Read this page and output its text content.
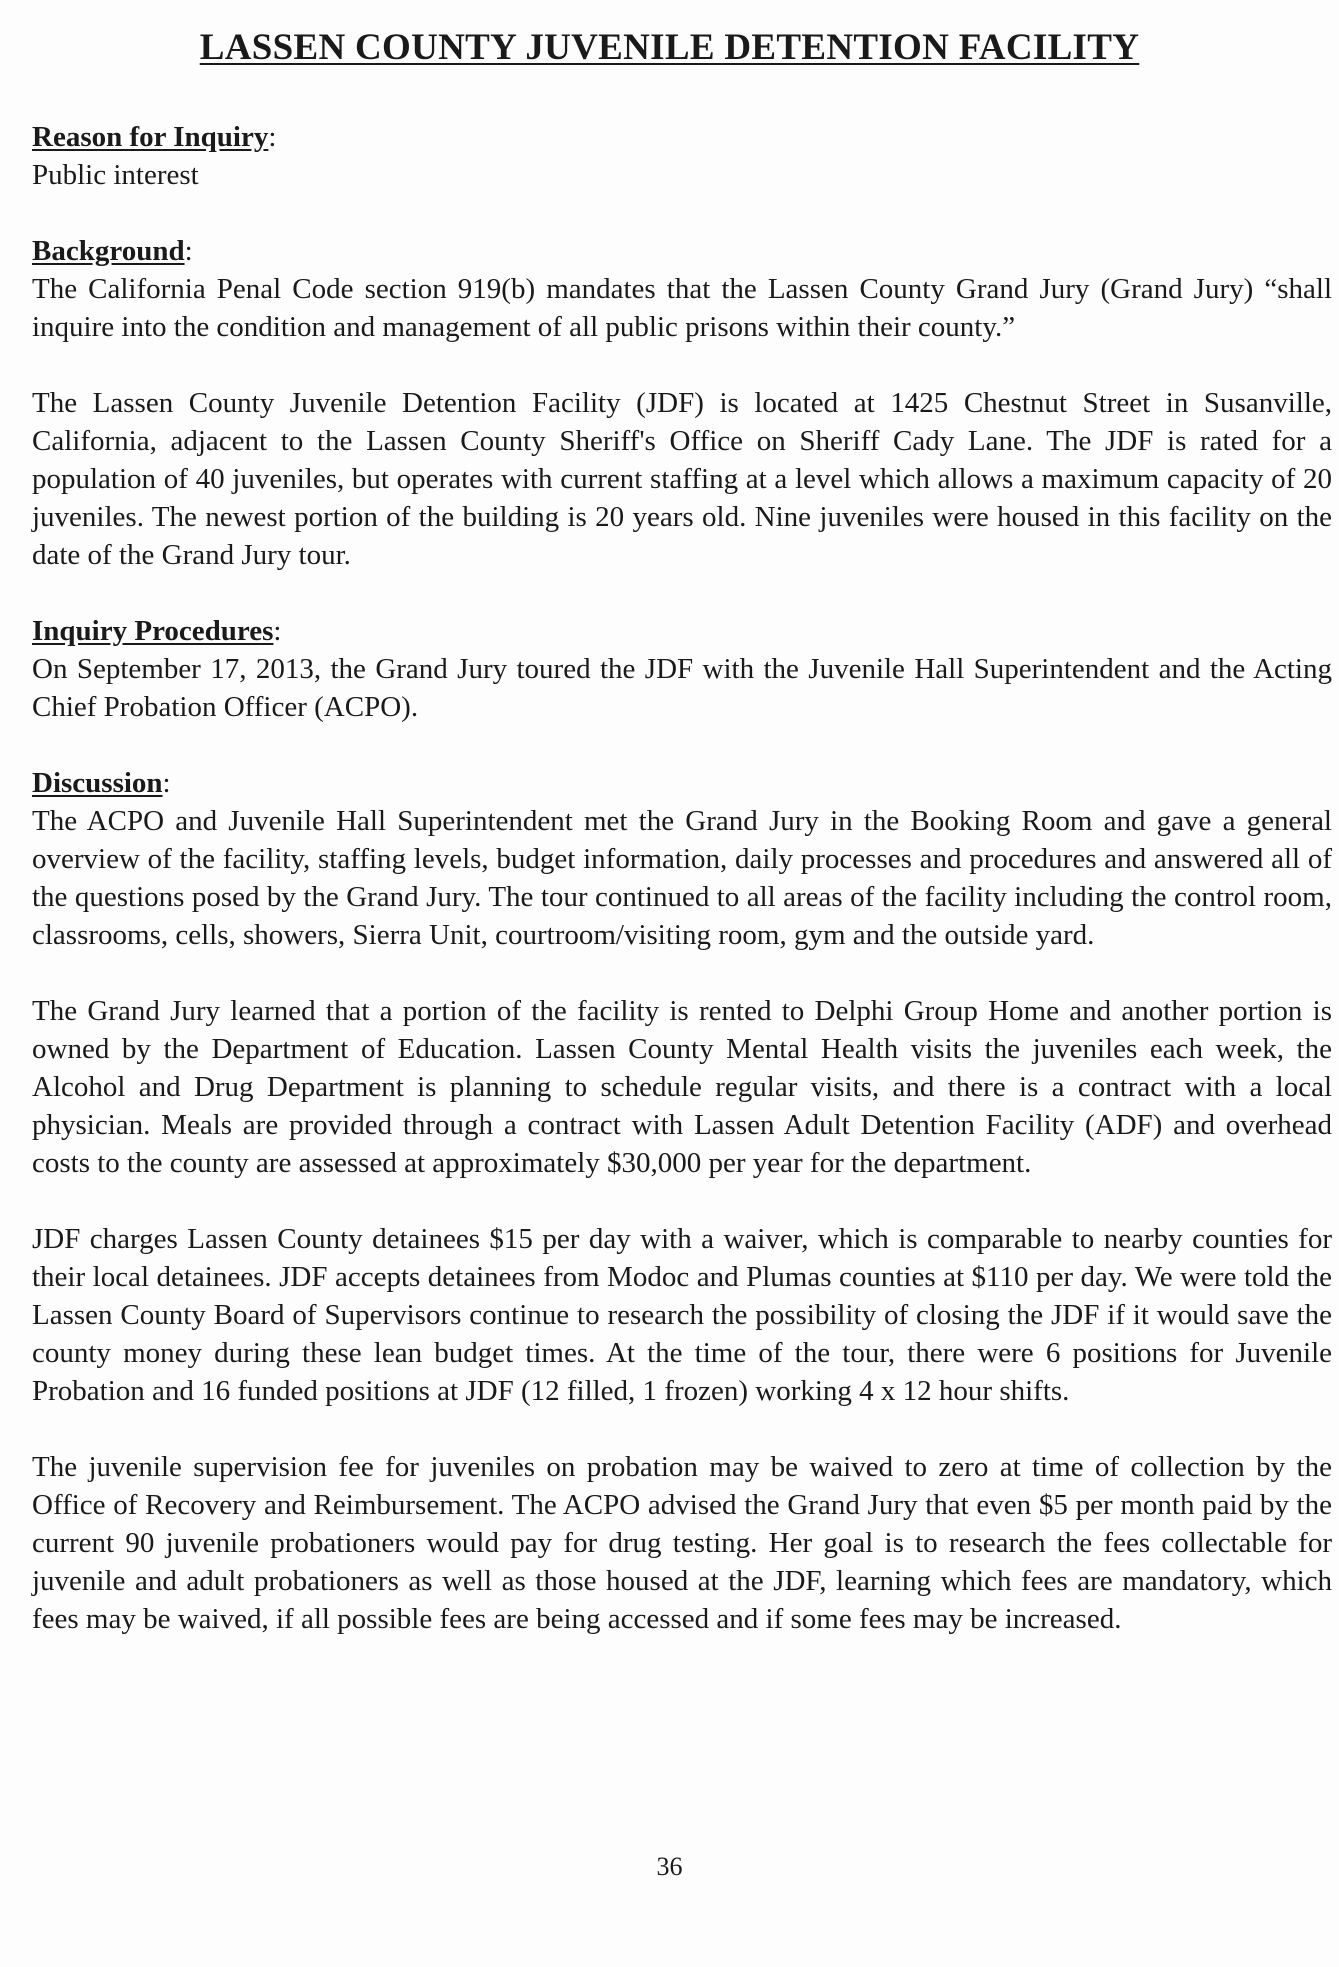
LASSEN COUNTY JUVENILE DETENTION FACILITY
Reason for Inquiry:

Public interest

Background:

The California Penal Code section 919(b) mandates that the Lassen County Grand Jury (Grand Jury) “shall inquire into the condition and management of all public prisons within their county.”

The Lassen County Juvenile Detention Facility (JDF) is located at 1425 Chestnut Street in Susanville, California, adjacent to the Lassen County Sheriff's Office on Sheriff Cady Lane. The JDF is rated for a population of 40 juveniles, but operates with current staffing at a level which allows a maximum capacity of 20 juveniles. The newest portion of the building is 20 years old. Nine juveniles were housed in this facility on the date of the Grand Jury tour.

Inquiry Procedures:

On September 17, 2013, the Grand Jury toured the JDF with the Juvenile Hall Superintendent and the Acting Chief Probation Officer (ACPO).

Discussion:

The ACPO and Juvenile Hall Superintendent met the Grand Jury in the Booking Room and gave a general overview of the facility, staffing levels, budget information, daily processes and procedures and answered all of the questions posed by the Grand Jury. The tour continued to all areas of the facility including the control room, classrooms, cells, showers, Sierra Unit, courtroom/visiting room, gym and the outside yard.

The Grand Jury learned that a portion of the facility is rented to Delphi Group Home and another portion is owned by the Department of Education. Lassen County Mental Health visits the juveniles each week, the Alcohol and Drug Department is planning to schedule regular visits, and there is a contract with a local physician. Meals are provided through a contract with Lassen Adult Detention Facility (ADF) and overhead costs to the county are assessed at approximately $30,000 per year for the department.

JDF charges Lassen County detainees $15 per day with a waiver, which is comparable to nearby counties for their local detainees. JDF accepts detainees from Modoc and Plumas counties at $110 per day. We were told the Lassen County Board of Supervisors continue to research the possibility of closing the JDF if it would save the county money during these lean budget times. At the time of the tour, there were 6 positions for Juvenile Probation and 16 funded positions at JDF (12 filled, 1 frozen) working 4 x 12 hour shifts.

The juvenile supervision fee for juveniles on probation may be waived to zero at time of collection by the Office of Recovery and Reimbursement. The ACPO advised the Grand Jury that even $5 per month paid by the current 90 juvenile probationers would pay for drug testing. Her goal is to research the fees collectable for juvenile and adult probationers as well as those housed at the JDF, learning which fees are mandatory, which fees may be waived, if all possible fees are being accessed and if some fees may be increased.

36
